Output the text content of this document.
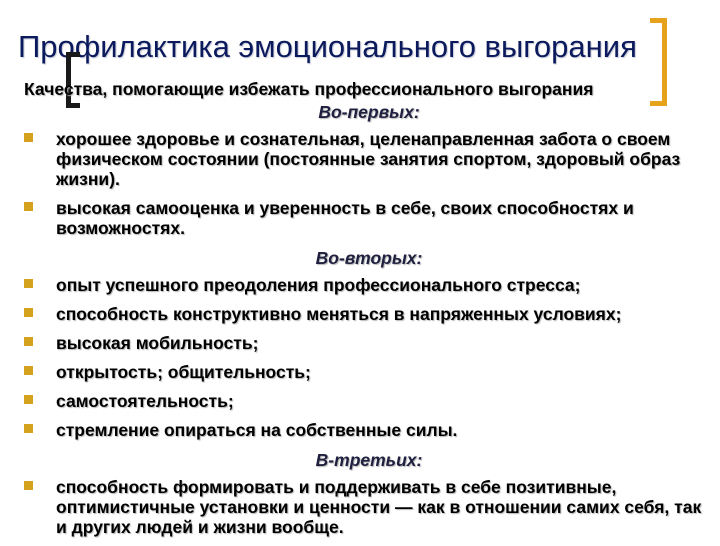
Профилактика эмоционального выгорания
Качества, помогающие избежать профессионального выгорания
Во-первых:
хорошее здоровье и сознательная, целенаправленная забота о своем физическом состоянии (постоянные занятия спортом, здоровый образ жизни).
высокая самооценка и уверенность в себе, своих способностях и возможностях.
Во-вторых:
опыт успешного преодоления профессионального стресса;
способность конструктивно меняться в напряженных условиях;
высокая мобильность;
открытость; общительность;
самостоятельность;
стремление опираться на собственные силы.
В-третьих:
способность формировать и поддерживать в себе позитивные, оптимистичные установки и ценности — как в отношении самих себя, так и других людей и жизни вообще.
